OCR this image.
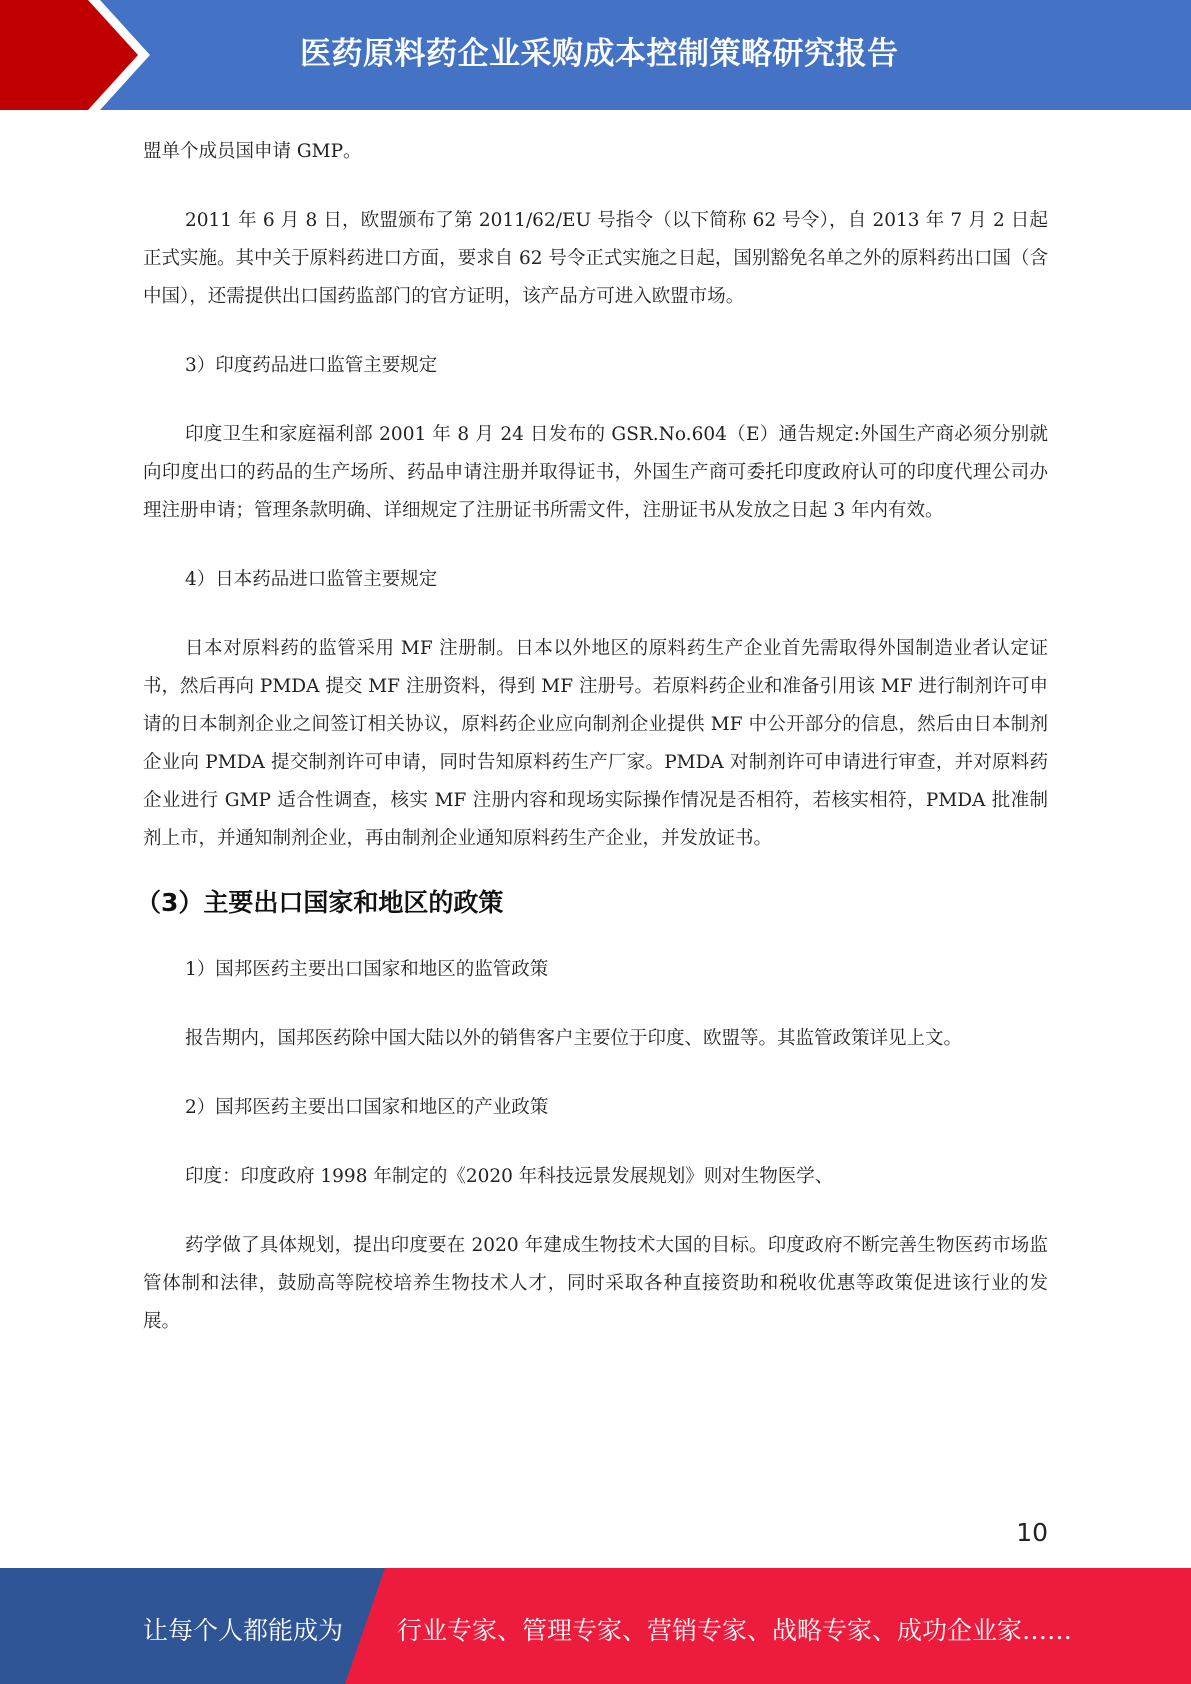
医药原料药企业采购成本控制策略研究报告

盟单个成员国申请 GMP。

2011 年 6 月 8 日，欧盟颁布了第 2011/62/EU 号指令（以下简称 62 号令），自 2013 年 7 月 2 日起正式实施。其中关于原料药进口方面，要求自 62 号令正式实施之日起，国别豁免名单之外的原料药出口国（含中国），还需提供出口国药监部门的官方证明，该产品方可进入欧盟市场。

3）印度药品进口监管主要规定

印度卫生和家庭福利部 2001 年 8 月 24 日发布的 GSR.No.604（E）通告规定:外国生产商必须分别就向印度出口的药品的生产场所、药品申请注册并取得证书，外国生产商可委托印度政府认可的印度代理公司办理注册申请；管理条款明确、详细规定了注册证书所需文件，注册证书从发放之日起 3 年内有效。

4）日本药品进口监管主要规定

日本对原料药的监管采用 MF 注册制。日本以外地区的原料药生产企业首先需取得外国制造业者认定证书，然后再向 PMDA 提交 MF 注册资料，得到 MF 注册号。若原料药企业和准备引用该 MF 进行制剂许可申请的日本制剂企业之间签订相关协议，原料药企业应向制剂企业提供 MF 中公开部分的信息，然后由日本制剂企业向 PMDA 提交制剂许可申请，同时告知原料药生产厂家。PMDA 对制剂许可申请进行审查，并对原料药企业进行 GMP 适合性调查，核实 MF 注册内容和现场实际操作情况是否相符，若核实相符，PMDA 批准制剂上市，并通知制剂企业，再由制剂企业通知原料药生产企业，并发放证书。

（3）主要出口国家和地区的政策

1）国邦医药主要出口国家和地区的监管政策

报告期内，国邦医药除中国大陆以外的销售客户主要位于印度、欧盟等。其监管政策详见上文。

2）国邦医药主要出口国家和地区的产业政策

印度：印度政府 1998 年制定的《2020 年科技远景发展规划》则对生物医学、

药学做了具体规划，提出印度要在 2020 年建成生物技术大国的目标。印度政府不断完善生物医药市场监管体制和法律，鼓励高等院校培养生物技术人才，同时采取各种直接资助和税收优惠等政策促进该行业的发展。

10
让每个人都能成为 行业专家、管理专家、营销专家、战略专家、成功企业家……
